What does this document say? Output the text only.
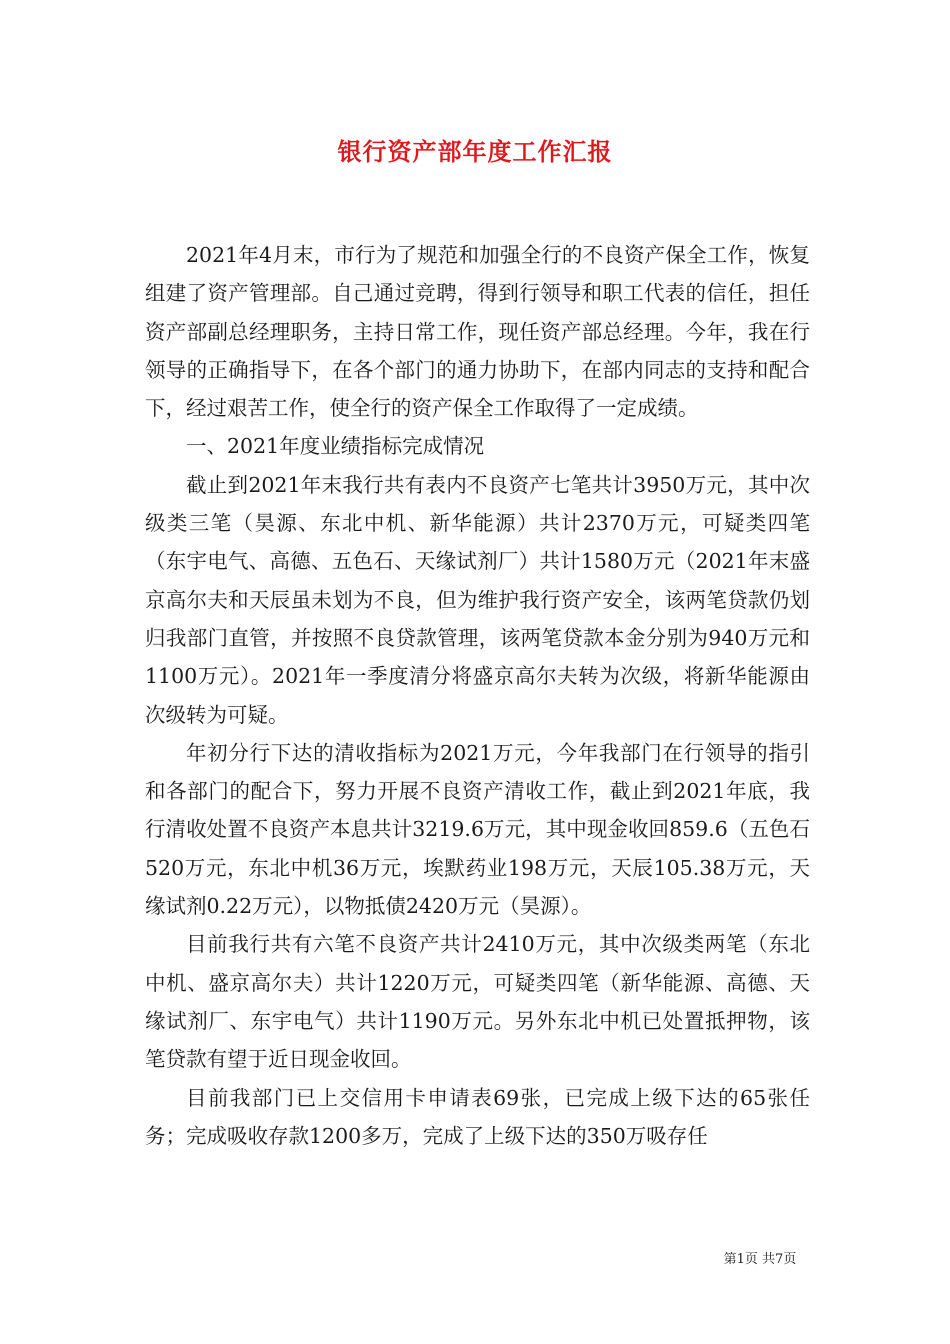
银行资产部年度工作汇报

2021年4月末，市行为了规范和加强全行的不良资产保全工作，恢复组建了资产管理部。自己通过竞聘，得到行领导和职工代表的信任，担任资产部副总经理职务，主持日常工作，现任资产部总经理。今年，我在行领导的正确指导下，在各个部门的通力协助下，在部内同志的支持和配合下，经过艰苦工作，使全行的资产保全工作取得了一定成绩。

一、2021年度业绩指标完成情况

截止到2021年末我行共有表内不良资产七笔共计3950万元，其中次级类三笔（昊源、东北中机、新华能源）共计2370万元，可疑类四笔（东宇电气、高德、五色石、天缘试剂厂）共计1580万元（2021年末盛京高尔夫和天辰虽未划为不良，但为维护我行资产安全，该两笔贷款仍划归我部门直管，并按照不良贷款管理，该两笔贷款本金分别为940万元和1100万元）。2021年一季度清分将盛京高尔夫转为次级，将新华能源由次级转为可疑。

年初分行下达的清收指标为2021万元，今年我部门在行领导的指引和各部门的配合下，努力开展不良资产清收工作，截止到2021年底，我行清收处置不良资产本息共计3219.6万元，其中现金收回859.6（五色石520万元，东北中机36万元，埃默药业198万元，天辰105.38万元，天缘试剂0.22万元），以物抵债2420万元（昊源）。

目前我行共有六笔不良资产共计2410万元，其中次级类两笔（东北中机、盛京高尔夫）共计1220万元，可疑类四笔（新华能源、高德、天缘试剂厂、东宇电气）共计1190万元。另外东北中机已处置抵押物，该笔贷款有望于近日现金收回。

目前我部门已上交信用卡申请表69张，已完成上级下达的65张任务；完成吸收存款1200多万，完成了上级下达的350万吸存任

第1页 共7页
